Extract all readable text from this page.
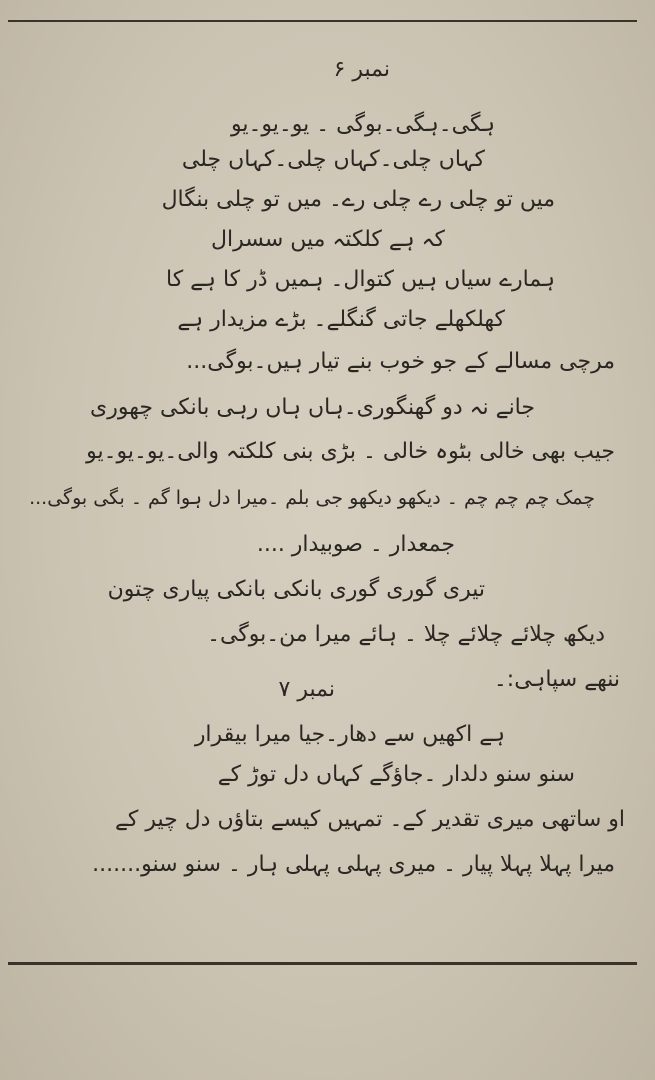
نمبر ۶
ہگی۔ہگی۔بوگی ۔ یو۔یو۔یو
کہاں چلی۔کہاں چلی۔کہاں چلی
میں تو چلی رے چلی رے۔ میں تو چلی بنگال
کہ ہے کلکتہ میں سسرال
ہمارے سیاں ہیں کتوال۔ ہمیں ڈر کا ہے کا
کھلکھلے جاتی گنگلے۔ بڑے مزیدار ہے
مرچی مسالے کے جو خوب بنے تیار ہیں۔بوگی...
جانے نہ دو گھنگوری۔ہاں ہاں رہی بانکی چھوری
جیب بھی خالی بٹوہ خالی ۔ بڑی بنی کلکتہ والی۔یو۔یو۔یو
چمک چم چم چم ۔ دیکھو دیکھو جی بلم ۔میرا دل ہوا گم ۔ بگی بوگی...
جمعدار ۔ صوبیدار ....
تیری گوری گوری بانکی بانکی پیاری چتون
دیکھ چلائے چلائے چلا ۔ ہائے میرا من۔بوگی۔
ننھے سپاہی:۔
نمبر ۷
ہے اکھیں سے دھار۔جیا میرا بیقرار
سنو سنو دلدار ۔جاؤگے کہاں دل توڑ کے
او ساتھی میری تقدیر کے۔ تمہیں کیسے بتاؤں دل چیر کے
میرا پہلا پہلا پیار ۔ میری پہلی پہلی ہار ۔ سنو سنو.......
